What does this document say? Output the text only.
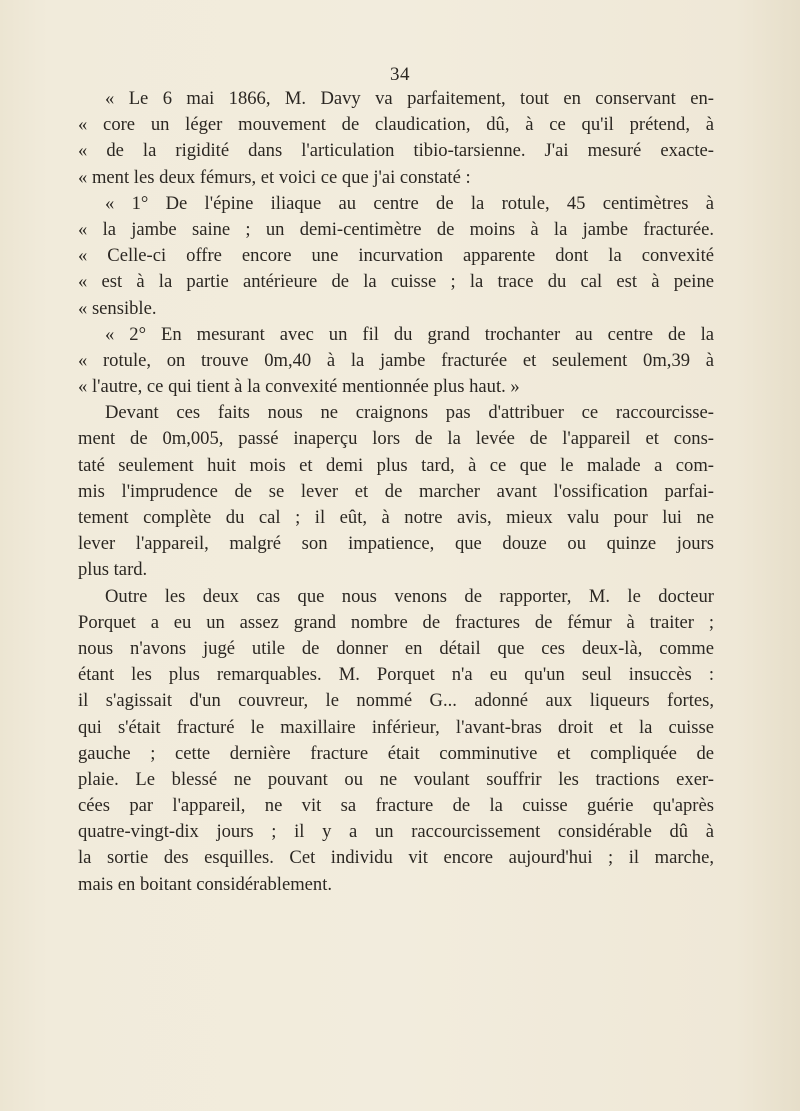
34
« Le 6 mai 1866, M. Davy va parfaitement, tout en conservant en-
« core un léger mouvement de claudication, dû, à ce qu'il prétend, à
« de la rigidité dans l'articulation tibio-tarsienne. J'ai mesuré exacte-
« ment les deux fémurs, et voici ce que j'ai constaté :
« 1° De l'épine iliaque au centre de la rotule, 45 centimètres à
« la jambe saine ; un demi-centimètre de moins à la jambe fracturée.
« Celle-ci offre encore une incurvation apparente dont la convexité
« est à la partie antérieure de la cuisse ; la trace du cal est à peine
« sensible.
« 2° En mesurant avec un fil du grand trochanter au centre de la
« rotule, on trouve 0m,40 à la jambe fracturée et seulement 0m,39 à
« l'autre, ce qui tient à la convexité mentionnée plus haut. »
Devant ces faits nous ne craignons pas d'attribuer ce raccourcisse-
ment de 0m,005, passé inaperçu lors de la levée de l'appareil et cons-
taté seulement huit mois et demi plus tard, à ce que le malade a com-
mis l'imprudence de se lever et de marcher avant l'ossification parfai-
tement complète du cal ; il eût, à notre avis, mieux valu pour lui ne
lever l'appareil, malgré son impatience, que douze ou quinze jours
plus tard.
Outre les deux cas que nous venons de rapporter, M. le docteur
Porquet a eu un assez grand nombre de fractures de fémur à traiter ;
nous n'avons jugé utile de donner en détail que ces deux-là, comme
étant les plus remarquables. M. Porquet n'a eu qu'un seul insuccès :
il s'agissait d'un couvreur, le nommé G... adonné aux liqueurs fortes,
qui s'était fracturé le maxillaire inférieur, l'avant-bras droit et la cuisse
gauche ; cette dernière fracture était comminutive et compliquée de
plaie. Le blessé ne pouvant ou ne voulant souffrir les tractions exer-
cées par l'appareil, ne vit sa fracture de la cuisse guérie qu'après
quatre-vingt-dix jours ; il y a un raccourcissement considérable dû à
la sortie des esquilles. Cet individu vit encore aujourd'hui ; il marche,
mais en boitant considérablement.
